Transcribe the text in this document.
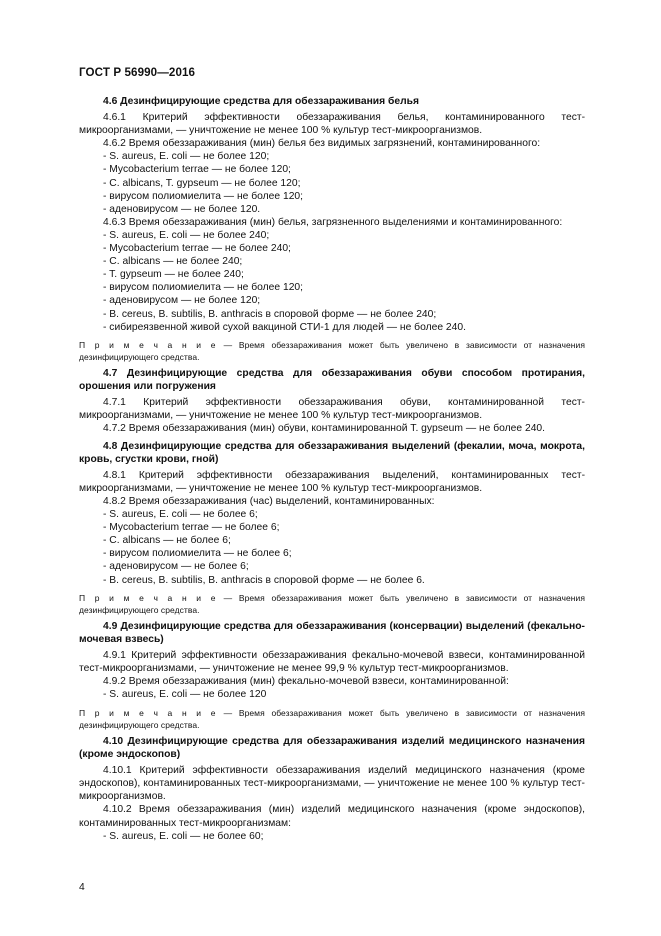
ГОСТ Р 56990—2016

4.6 Дезинфицирующие средства для обеззараживания белья

4.6.1 Критерий эффективности обеззараживания белья, контаминированного тест-микроорганизмами, — уничтожение не менее 100 % культур тест-микроорганизмов.

4.6.2 Время обеззараживания (мин) белья без видимых загрязнений, контаминированного:

- S. aureus, E. coli — не более 120;

- Mycobacterium terrae — не более 120;

- C. albicans, T. gypseum — не более 120;

- вирусом полиомиелита — не более 120;

- аденовирусом — не более 120.

4.6.3 Время обеззараживания (мин) белья, загрязненного выделениями и контаминированного:

- S. aureus, E. coli — не более 240;

- Mycobacterium terrae — не более 240;

- C. albicans — не более 240;

- T. gypseum — не более 240;

- вирусом полиомиелита — не более 120;

- аденовирусом — не более 120;

- B. cereus, B. subtilis, B. anthracis в споровой форме — не более 240;

- сибиреязвенной живой сухой вакциной СТИ-1 для людей — не более 240.

П р и м е ч а н и е — Время обеззараживания может быть увеличено в зависимости от назначения дезинфицирующего средства.

4.7 Дезинфицирующие средства для обеззараживания обуви способом протирания, орошения или погружения

4.7.1 Критерий эффективности обеззараживания обуви, контаминированной тест-микроорганизмами, — уничтожение не менее 100 % культур тест-микроорганизмов.

4.7.2 Время обеззараживания (мин) обуви, контаминированной T. gypseum — не более 240.

4.8 Дезинфицирующие средства для обеззараживания выделений (фекалии, моча, мокрота, кровь, сгустки крови, гной)

4.8.1 Критерий эффективности обеззараживания выделений, контаминированных тест-микроорганизмами, — уничтожение не менее 100 % культур тест-микроорганизмов.

4.8.2 Время обеззараживания (час) выделений, контаминированных:

- S. aureus, E. coli — не более 6;

- Mycobacterium terrae — не более 6;

- C. albicans — не более 6;

- вирусом полиомиелита — не более 6;

- аденовирусом — не более 6;

- B. cereus, B. subtilis, B. anthracis в споровой форме — не более 6.

П р и м е ч а н и е — Время обеззараживания может быть увеличено в зависимости от назначения дезинфицирующего средства.

4.9 Дезинфицирующие средства для обеззараживания (консервации) выделений (фекально-мочевая взвесь)

4.9.1 Критерий эффективности обеззараживания фекально-мочевой взвеси, контаминированной тест-микроорганизмами, — уничтожение не менее 99,9 % культур тест-микроорганизмов.

4.9.2 Время обеззараживания (мин) фекально-мочевой взвеси, контаминированной:

- S. aureus, E. coli — не более 120

П р и м е ч а н и е — Время обеззараживания может быть увеличено в зависимости от назначения дезинфицирующего средства.

4.10 Дезинфицирующие средства для обеззараживания изделий медицинского назначения (кроме эндоскопов)

4.10.1 Критерий эффективности обеззараживания изделий медицинского назначения (кроме эндоскопов), контаминированных тест-микроорганизмами, — уничтожение не менее 100 % культур тест-микроорганизмов.

4.10.2 Время обеззараживания (мин) изделий медицинского назначения (кроме эндоскопов), контаминированных тест-микроорганизмам:

- S. aureus, E. coli — не более 60;

4
